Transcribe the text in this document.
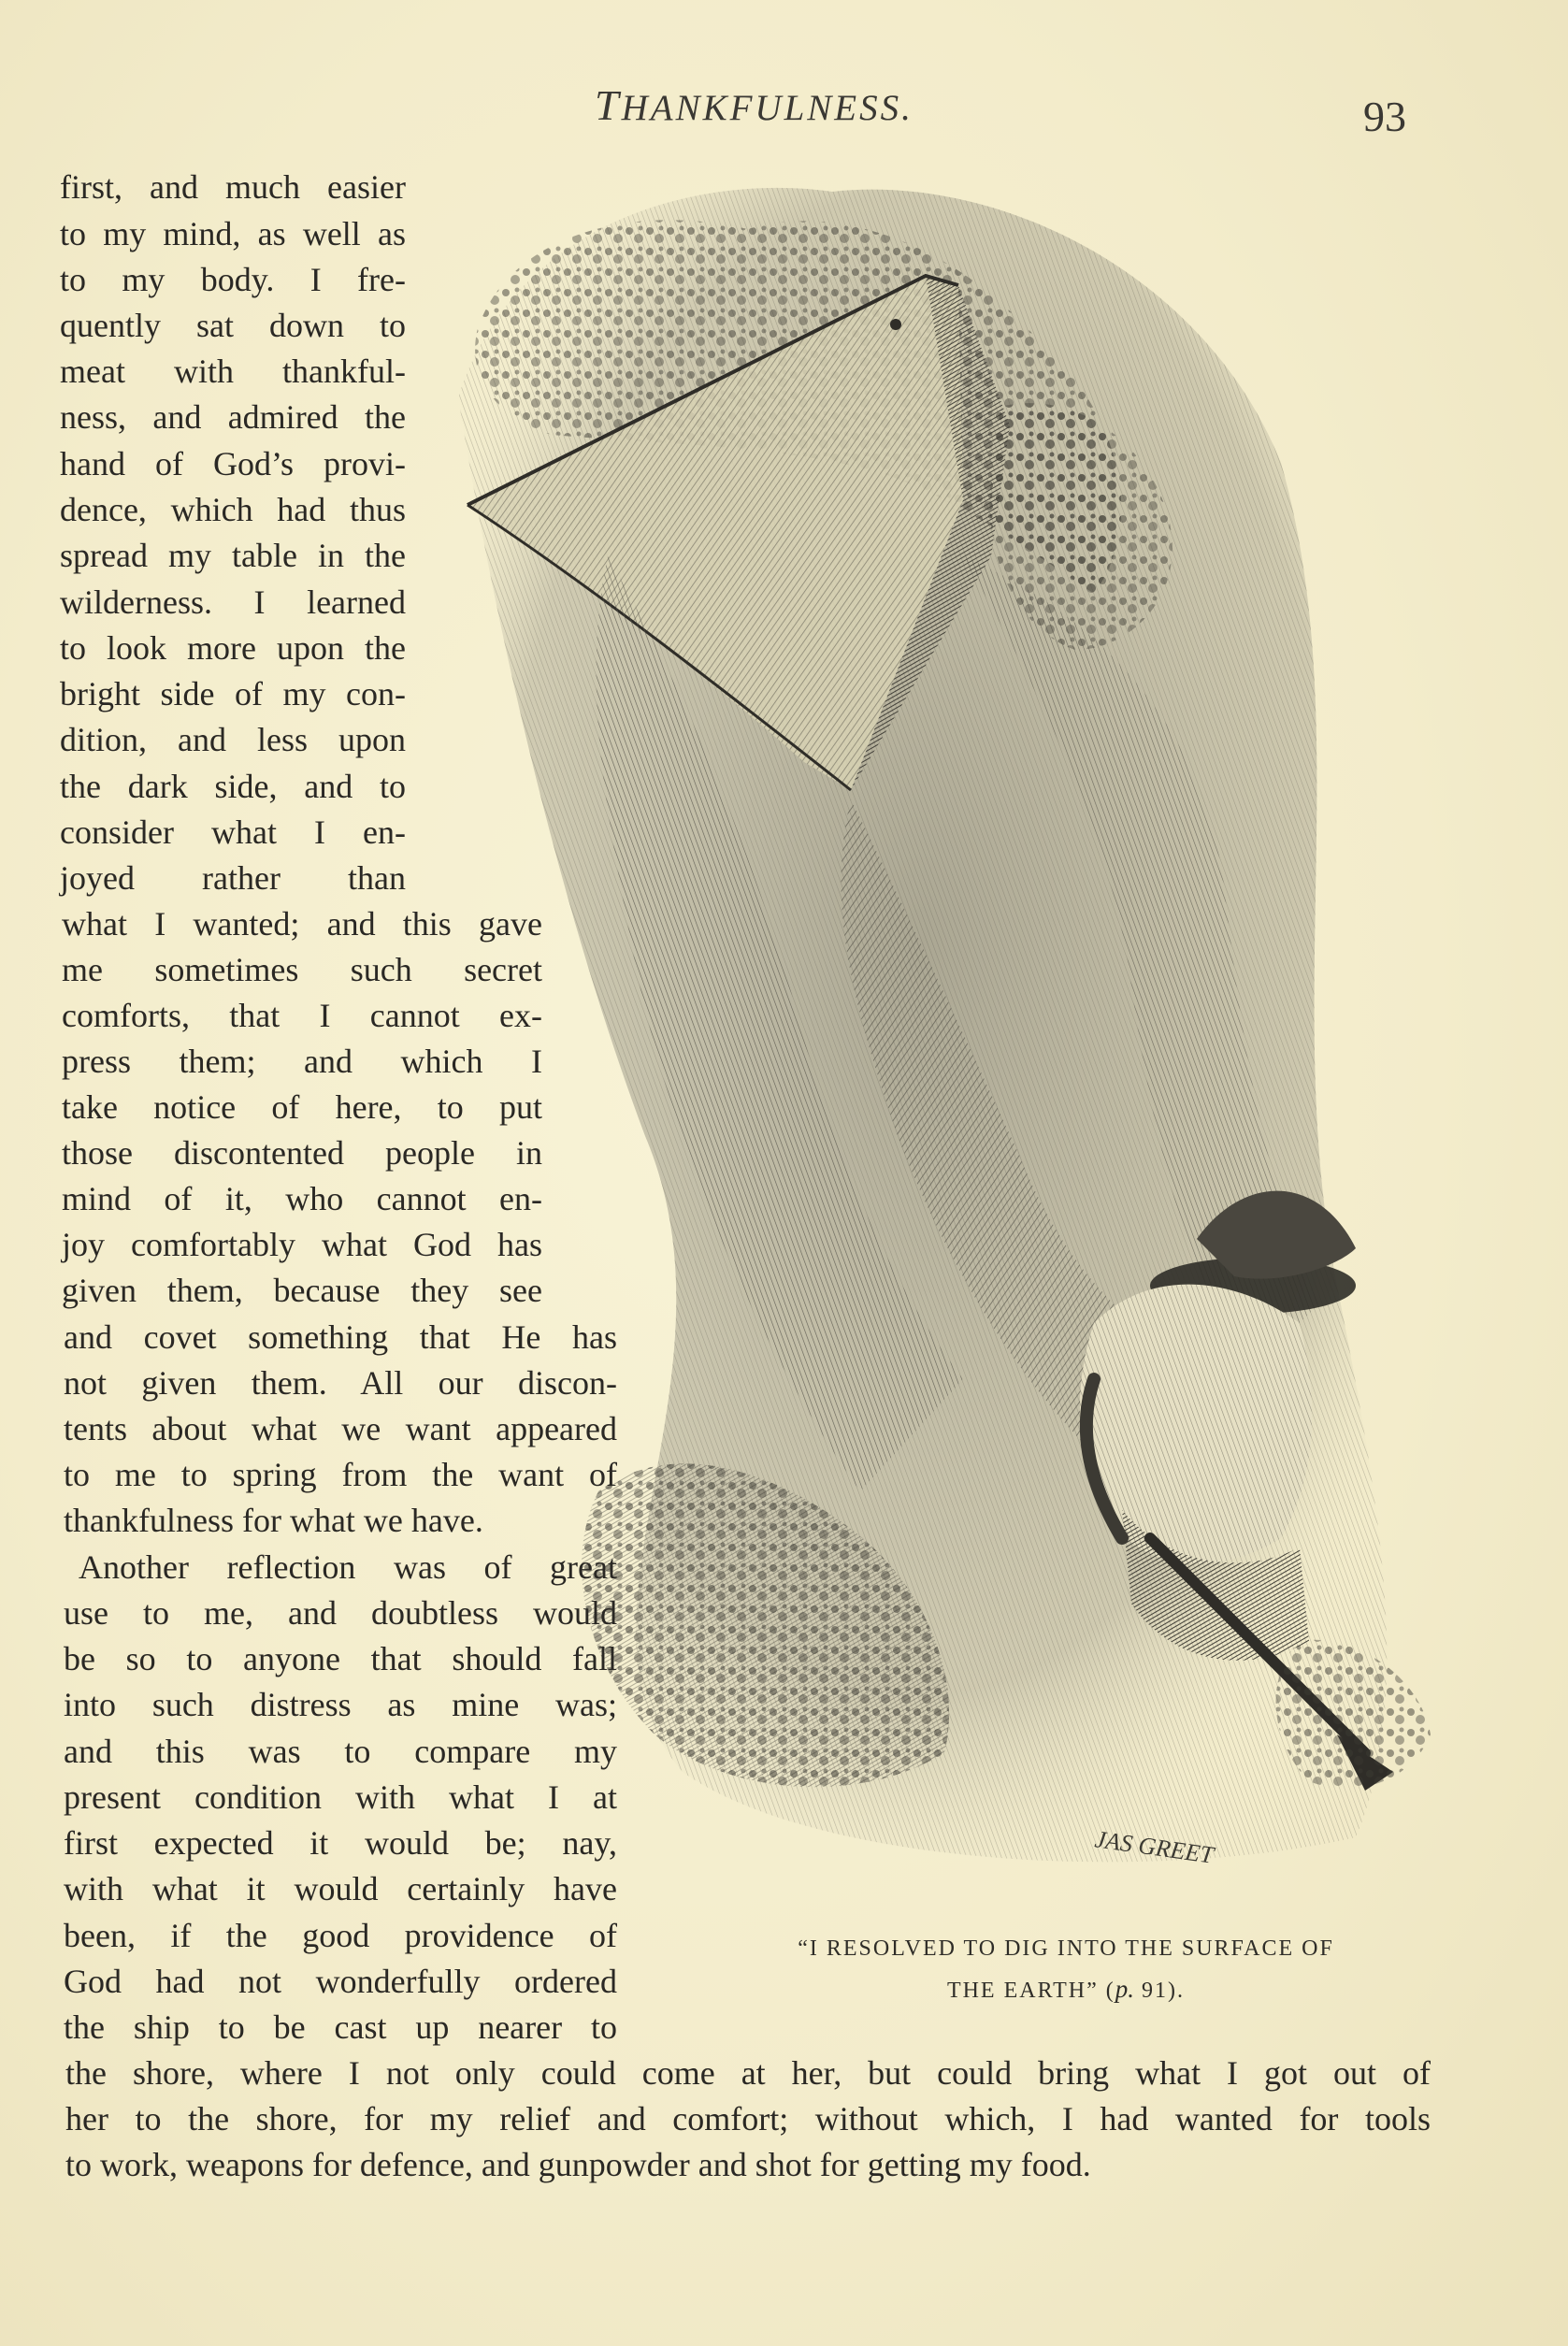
THANKFULNESS.	93
JAS GREET
“I RESOLVED TO DIG INTO THE SURFACE OF
THE EARTH” (p. 91).
first, and much easier
to my mind, as well as
to my body. I fre-
quently sat down to
meat with thankful-
ness, and admired the
hand of God’s provi-
dence, which had thus
spread my table in the
wilderness. I learned
to look more upon the
bright side of my con-
dition, and less upon
the dark side, and to
consider what I en-
joyed rather than
what I wanted; and this gave
me sometimes such secret
comforts, that I cannot ex-
press them; and which I
take notice of here, to put
those discontented people in
mind of it, who cannot en-
joy comfortably what God has
given them, because they see
and covet something that He has
not given them. All our discon-
tents about what we want appeared
to me to spring from the want of
thankfulness for what we have.
Another reflection was of great
use to me, and doubtless would
be so to anyone that should fall
into such distress as mine was;
and this was to compare my
present condition with what I at
first expected it would be; nay,
with what it would certainly have
been, if the good providence of
God had not wonderfully ordered
the ship to be cast up nearer to
the shore, where I not only could come at her, but could bring what I got out of
her to the shore, for my relief and comfort; without which, I had wanted for tools
to work, weapons for defence, and gunpowder and shot for getting my food.
